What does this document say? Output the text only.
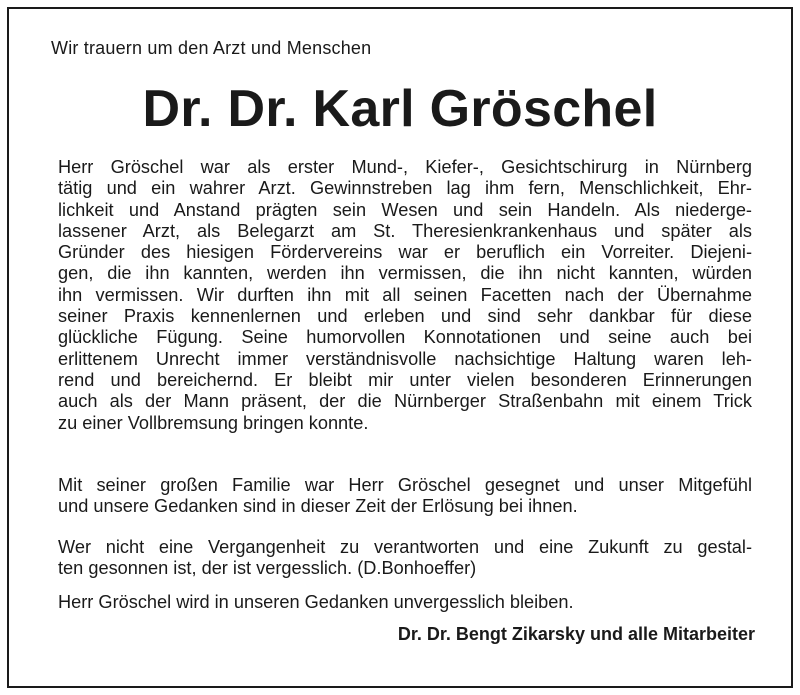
Wir trauern um den Arzt und Menschen
Dr. Dr. Karl Gröschel
Herr Gröschel war als erster Mund-, Kiefer-, Gesichtschirurg in Nürnberg
tätig und ein wahrer Arzt. Gewinnstreben lag ihm fern, Menschlichkeit, Ehr-
lichkeit und Anstand prägten sein Wesen und sein Handeln. Als niederge-
lassener Arzt, als Belegarzt am St. Theresienkrankenhaus und später als
Gründer des hiesigen Fördervereins war er beruflich ein Vorreiter. Diejeni-
gen, die ihn kannten, werden ihn vermissen, die ihn nicht kannten, würden
ihn vermissen. Wir durften ihn mit all seinen Facetten nach der Übernahme
seiner Praxis kennenlernen und erleben und sind sehr dankbar für diese
glückliche Fügung. Seine humorvollen Konnotationen und seine auch bei
erlittenem Unrecht immer verständnisvolle nachsichtige Haltung waren leh-
rend und bereichernd. Er bleibt mir unter vielen besonderen Erinnerungen
auch als der Mann präsent, der die Nürnberger Straßenbahn mit einem Trick
zu einer Vollbremsung bringen konnte.
Mit seiner großen Familie war Herr Gröschel gesegnet und unser Mitgefühl
und unsere Gedanken sind in dieser Zeit der Erlösung bei ihnen.
Wer nicht eine Vergangenheit zu verantworten und eine Zukunft zu gestal-
ten gesonnen ist, der ist vergesslich. (D.Bonhoeffer)
Herr Gröschel wird in unseren Gedanken unvergesslich bleiben.
Dr. Dr. Bengt Zikarsky und alle Mitarbeiter
